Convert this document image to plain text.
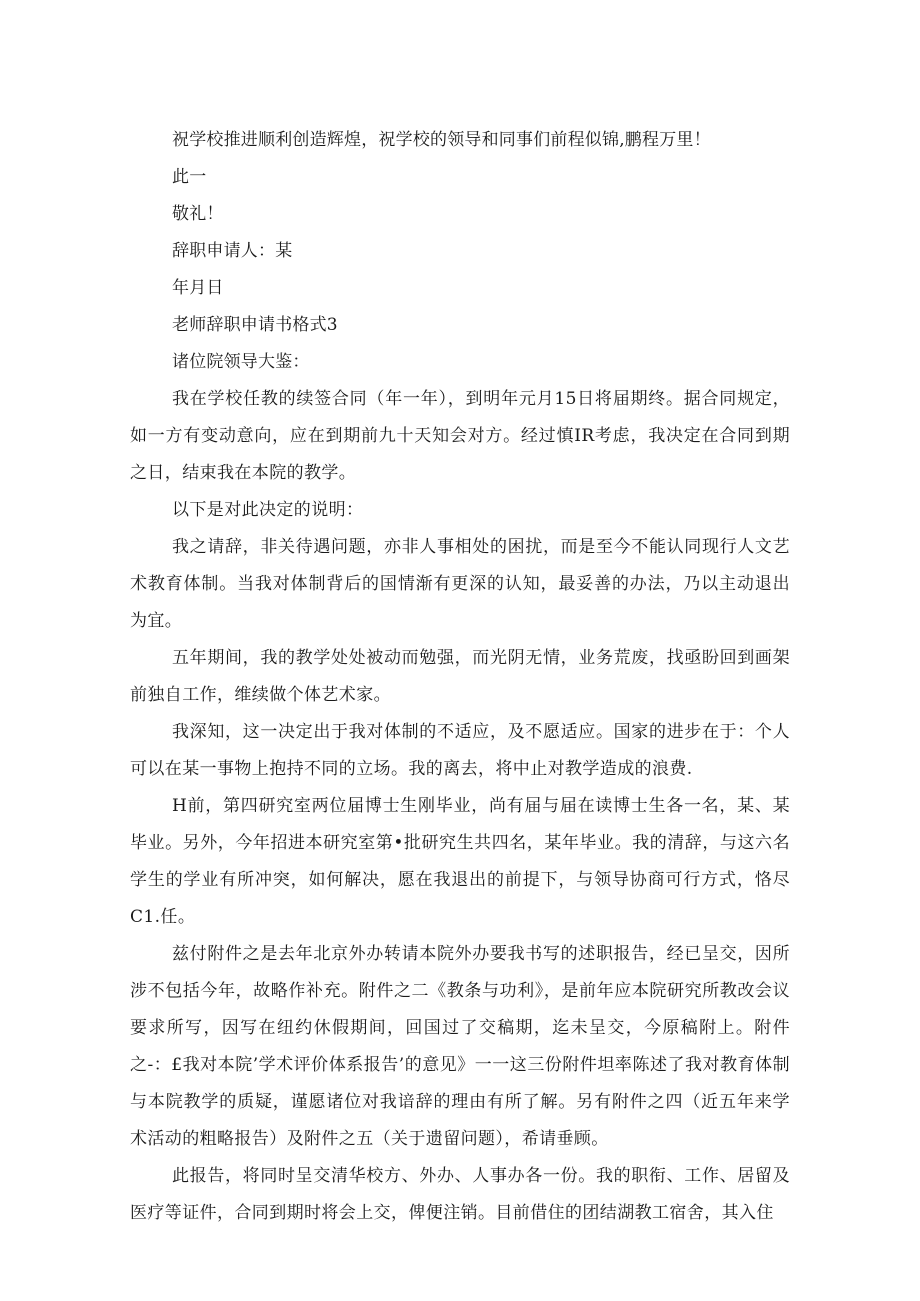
祝学校推进顺利创造辉煌，祝学校的领导和同事们前程似锦,鹏程万里！

此一

敬礼！

辞职申请人：某

年月日

老师辞职申请书格式3

诸位院领导大鉴：

我在学校任教的续签合同（年一年），到明年元月15日将届期终。据合同规定，如一方有变动意向，应在到期前九十天知会对方。经过慎IR考虑，我决定在合同到期之日，结束我在本院的教学。

以下是对此决定的说明：

我之请辞，非关待遇问题，亦非人事相处的困扰，而是至今不能认同现行人文艺术教育体制。当我对体制背后的国情渐有更深的认知，最妥善的办法，乃以主动退出为宜。

五年期间，我的教学处处被动而勉强，而光阴无情，业务荒废，找亟盼回到画架前独自工作，维续做个体艺术家。

我深知，这一决定出于我对体制的不适应，及不愿适应。国家的进步在于：个人可以在某一事物上抱持不同的立场。我的离去，将中止对教学造成的浪费.

H前，第四研究室两位届博士生刚毕业，尚有届与届在读博士生各一名，某、某毕业。另外，今年招进本研究室第•批研究生共四名，某年毕业。我的清辞，与这六名学生的学业有所冲突，如何解决，愿在我退出的前提下，与领导协商可行方式，恪尽C1.任。

兹付附件之是去年北京外办转请本院外办要我书写的述职报告，经已呈交，因所涉不包括今年，故略作补充。附件之二《教条与功利》，是前年应本院研究所教改会议要求所写，因写在纽约休假期间，回国过了交稿期，迄未呈交，今原稿附上。附件之-：£我对本院’学术评价体系报告’的意见》一一这三份附件坦率陈述了我对教育体制与本院教学的质疑，谨愿诸位对我谙辞的理由有所了解。另有附件之四（近五年来学术活动的粗略报告）及附件之五（关于遗留问题），希请垂顾。

此报告，将同时呈交清华校方、外办、人事办各一份。我的职衔、工作、居留及医疗等证件，合同到期时将会上交，俾便注销。目前借住的团结湖教工宿舍，其入住
